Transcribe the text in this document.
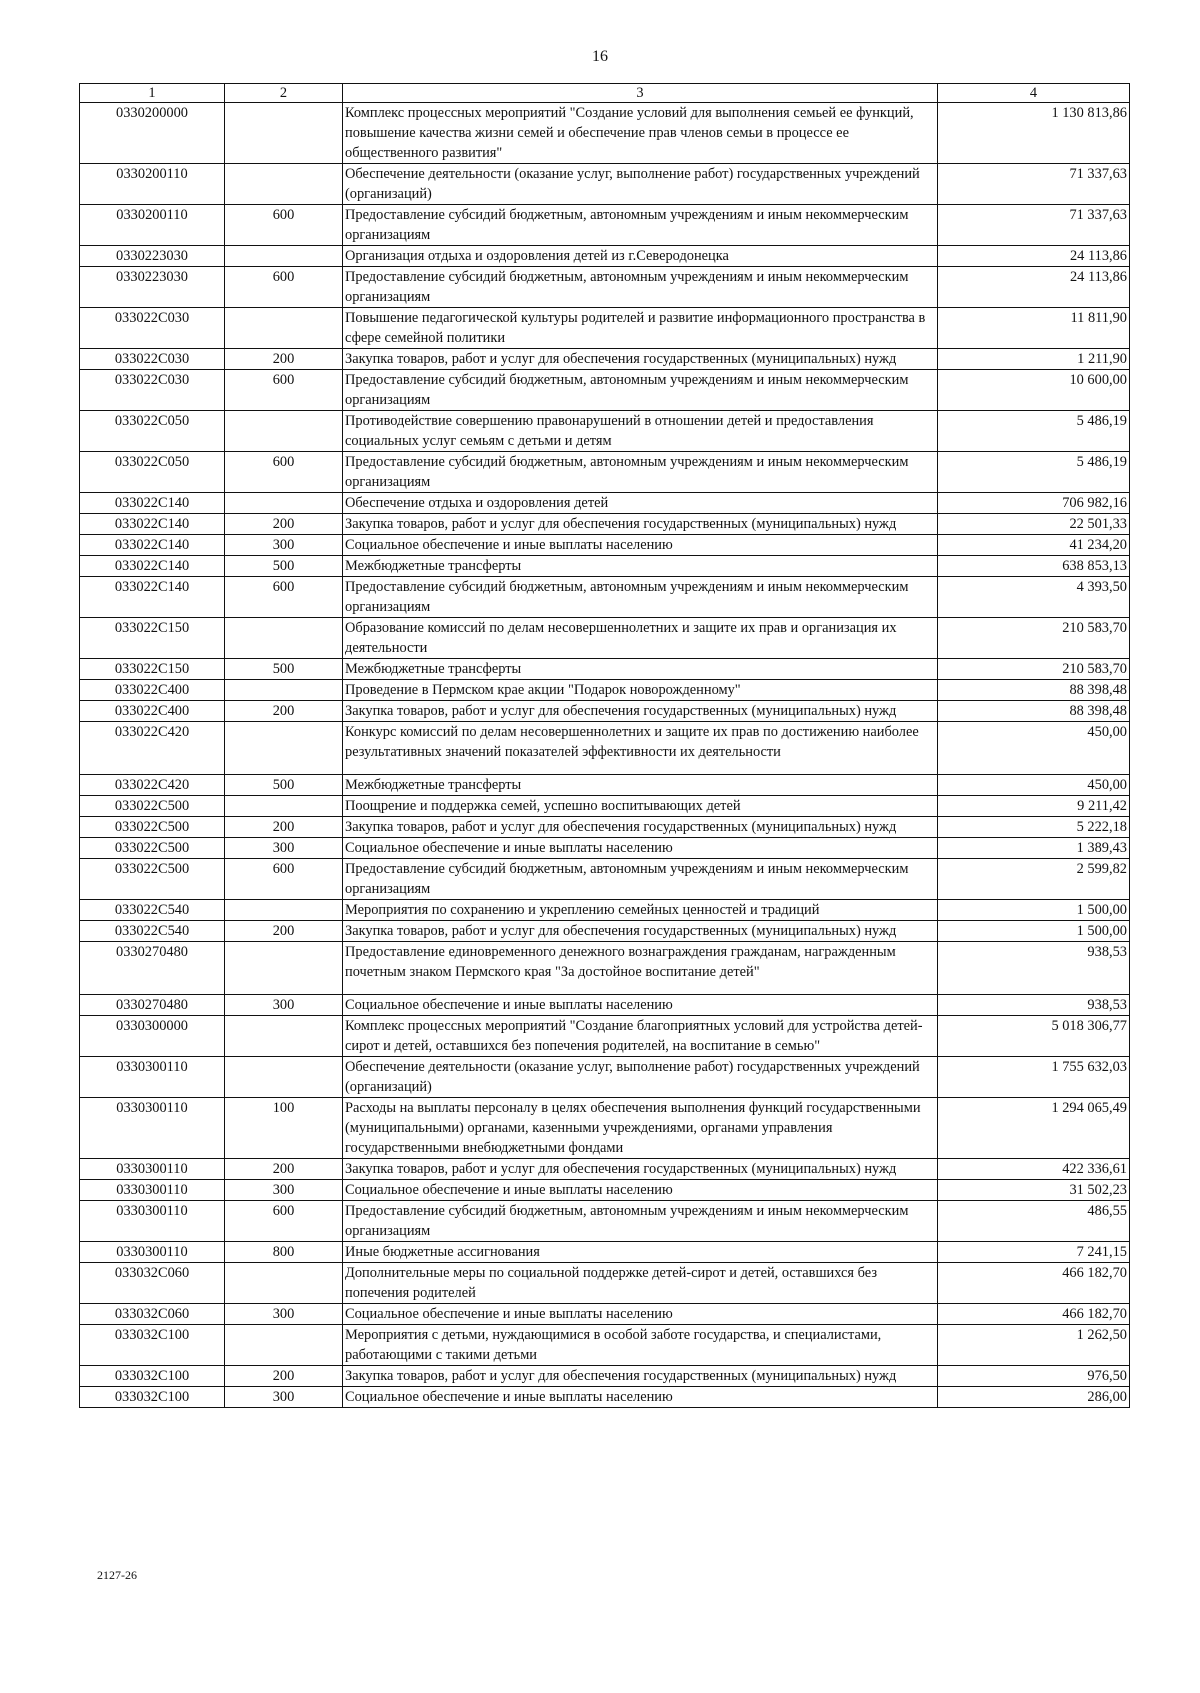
16
1	2	3	4
0330200000		Комплекс процессных мероприятий "Создание условий для выполнения семьей ее функций, повышение качества жизни семей и обеспечение прав членов семьи в процессе ее общественного развития"	1 130 813,86
0330200110		Обеспечение деятельности (оказание услуг, выполнение работ) государственных учреждений (организаций)	71 337,63
0330200110	600	Предоставление субсидий бюджетным, автономным учреждениям и иным некоммерческим организациям	71 337,63
0330223030		Организация отдыха и оздоровления детей из г.Северодонецка	24 113,86
0330223030	600	Предоставление субсидий бюджетным, автономным учреждениям и иным некоммерческим организациям	24 113,86
033022С030		Повышение педагогической культуры родителей и развитие информационного пространства в сфере семейной политики	11 811,90
033022С030	200	Закупка товаров, работ и услуг для обеспечения государственных (муниципальных) нужд	1 211,90
033022С030	600	Предоставление субсидий бюджетным, автономным учреждениям и иным некоммерческим организациям	10 600,00
033022С050		Противодействие совершению правонарушений в отношении детей и предоставления социальных услуг семьям с детьми и детям	5 486,19
033022С050	600	Предоставление субсидий бюджетным, автономным учреждениям и иным некоммерческим организациям	5 486,19
033022С140		Обеспечение отдыха и оздоровления детей	706 982,16
033022С140	200	Закупка товаров, работ и услуг для обеспечения государственных (муниципальных) нужд	22 501,33
033022С140	300	Социальное обеспечение и иные выплаты населению	41 234,20
033022С140	500	Межбюджетные трансферты	638 853,13
033022С140	600	Предоставление субсидий бюджетным, автономным учреждениям и иным некоммерческим организациям	4 393,50
033022С150		Образование комиссий по делам несовершеннолетних и защите их прав и организация их деятельности	210 583,70
033022С150	500	Межбюджетные трансферты	210 583,70
033022С400		Проведение в Пермском крае акции "Подарок новорожденному"	88 398,48
033022С400	200	Закупка товаров, работ и услуг для обеспечения государственных (муниципальных) нужд	88 398,48
033022С420		Конкурс комиссий по делам несовершеннолетних и защите их прав по достижению наиболее результативных значений показателей эффективности их деятельности	450,00
033022С420	500	Межбюджетные трансферты	450,00
033022С500		Поощрение и поддержка семей, успешно воспитывающих детей	9 211,42
033022С500	200	Закупка товаров, работ и услуг для обеспечения государственных (муниципальных) нужд	5 222,18
033022С500	300	Социальное обеспечение и иные выплаты населению	1 389,43
033022С500	600	Предоставление субсидий бюджетным, автономным учреждениям и иным некоммерческим организациям	2 599,82
033022С540		Мероприятия по сохранению и укреплению семейных ценностей и традиций	1 500,00
033022С540	200	Закупка товаров, работ и услуг для обеспечения государственных (муниципальных) нужд	1 500,00
0330270480		Предоставление единовременного денежного вознаграждения гражданам, награжденным почетным знаком Пермского края "За достойное воспитание детей"	938,53
0330270480	300	Социальное обеспечение и иные выплаты населению	938,53
0330300000		Комплекс процессных мероприятий "Создание благоприятных условий для устройства детей-сирот и детей, оставшихся без попечения родителей, на воспитание в семью"	5 018 306,77
0330300110		Обеспечение деятельности (оказание услуг, выполнение работ) государственных учреждений (организаций)	1 755 632,03
0330300110	100	Расходы на выплаты персоналу в целях обеспечения выполнения функций государственными (муниципальными) органами, казенными учреждениями, органами управления государственными внебюджетными фондами	1 294 065,49
0330300110	200	Закупка товаров, работ и услуг для обеспечения государственных (муниципальных) нужд	422 336,61
0330300110	300	Социальное обеспечение и иные выплаты населению	31 502,23
0330300110	600	Предоставление субсидий бюджетным, автономным учреждениям и иным некоммерческим организациям	486,55
0330300110	800	Иные бюджетные ассигнования	7 241,15
033032С060		Дополнительные меры по социальной поддержке детей-сирот и детей, оставшихся без попечения родителей	466 182,70
033032С060	300	Социальное обеспечение и иные выплаты населению	466 182,70
033032С100		Мероприятия с детьми, нуждающимися в особой заботе государства, и специалистами, работающими с такими детьми	1 262,50
033032С100	200	Закупка товаров, работ и услуг для обеспечения государственных (муниципальных) нужд	976,50
033032С100	300	Социальное обеспечение и иные выплаты населению	286,00
2127-26
